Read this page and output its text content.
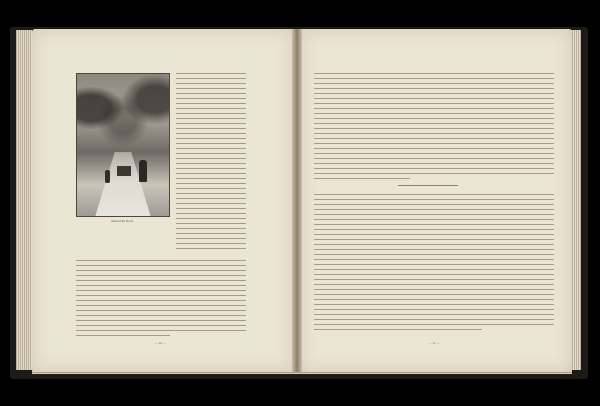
Abbend im Dorfe
— 10 —	— 11 —
